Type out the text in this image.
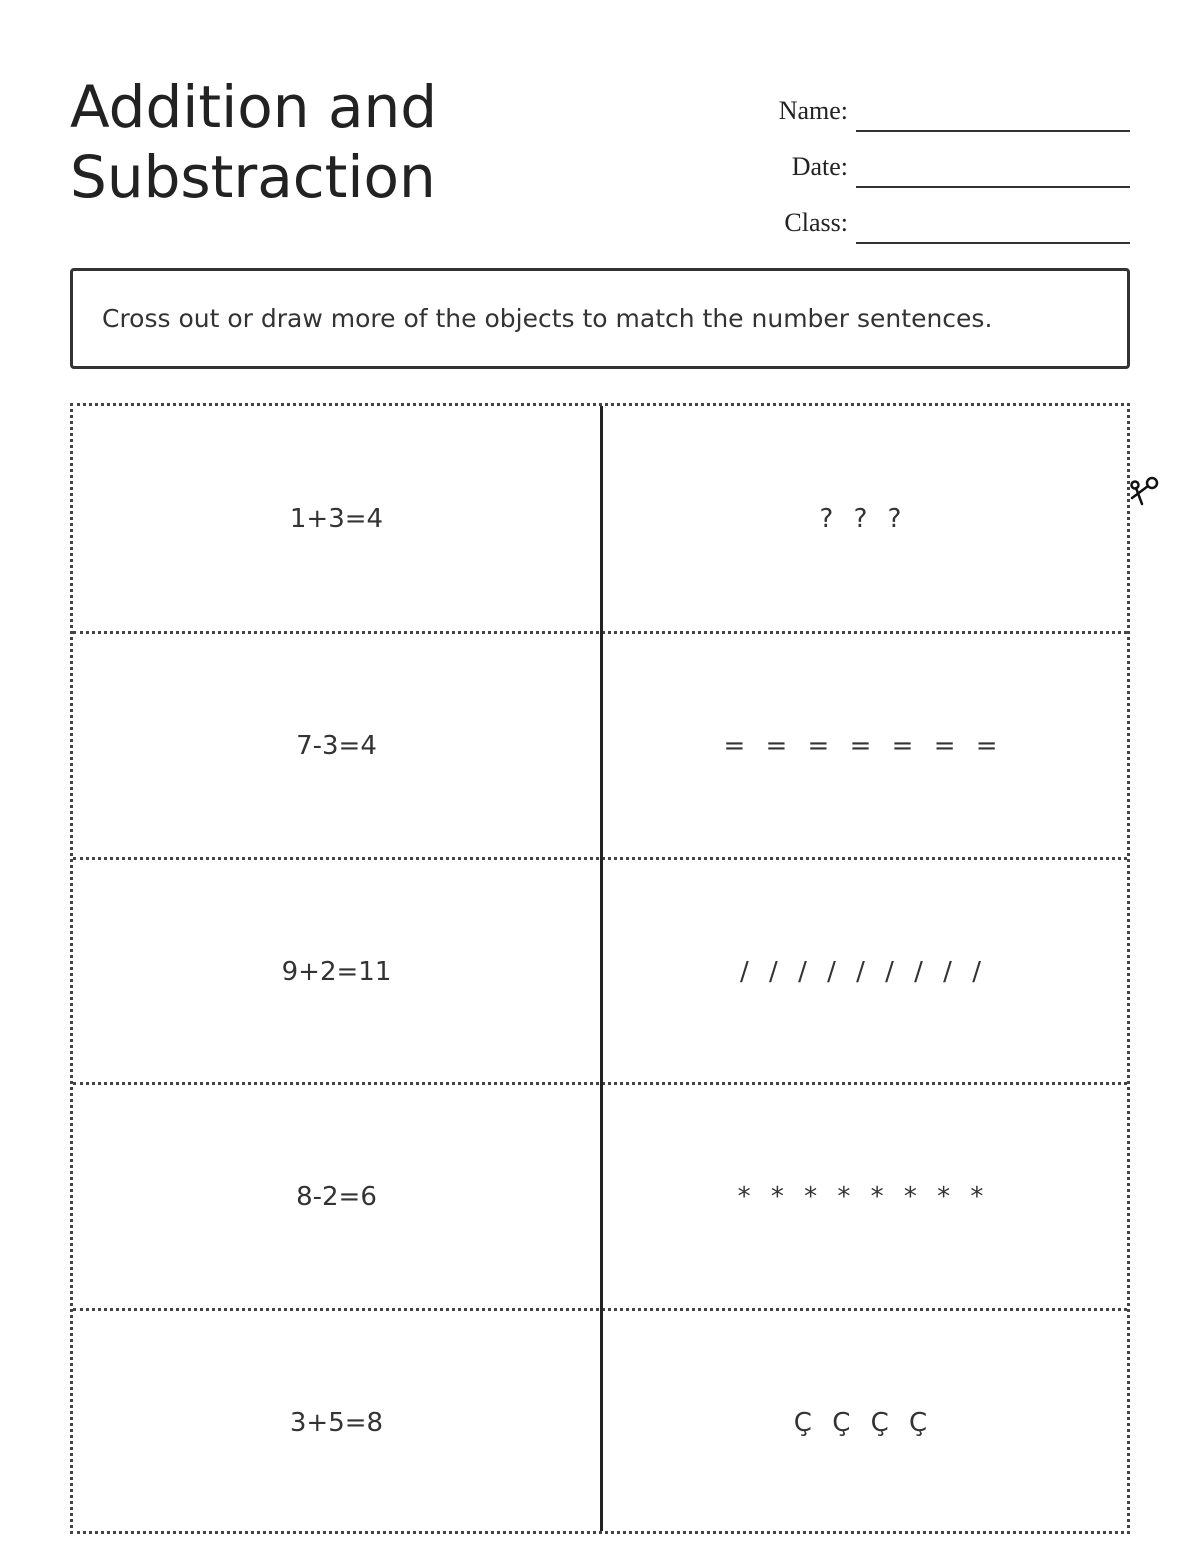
Addition and
Substraction
Name:
Date:
Class:
Cross out or draw more of the objects to match the number sentences.
1+3=4	? ? ?
7-3=4	= = = = = = =
9+2=11	/ / / / / / / / /
8-2=6	* * * * * * * *
3+5=8	Ç Ç Ç Ç
